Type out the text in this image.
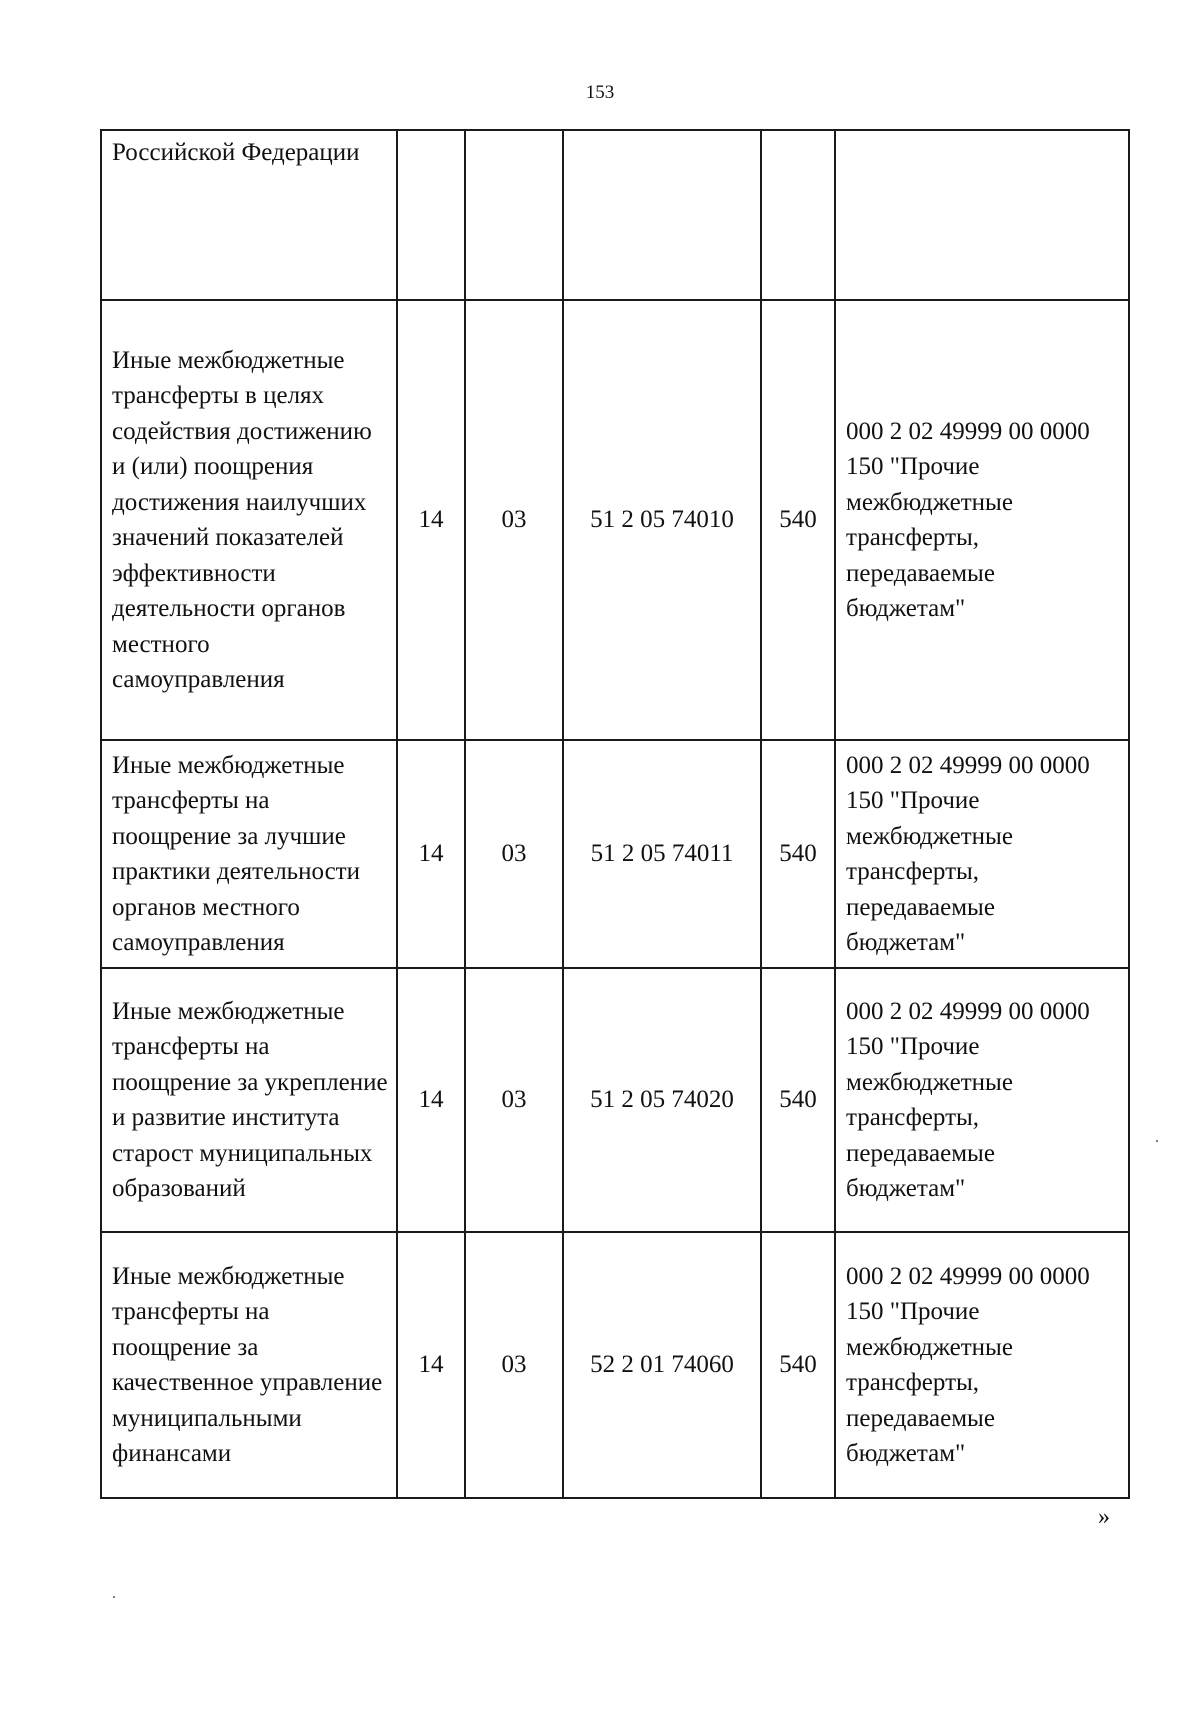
153
Российской Федерации					
Иные межбюджетные трансферты в целях содействия достижению и (или) поощрения достижения наилучших значений показателей эффективности деятельности органов местного самоуправления	14	03	51 2 05 74010	540	000 2 02 49999 00 0000 150 "Прочие межбюджетные трансферты, передаваемые бюджетам"
Иные межбюджетные трансферты на поощрение за лучшие практики деятельности органов местного самоуправления	14	03	51 2 05 74011	540	000 2 02 49999 00 0000 150 "Прочие межбюджетные трансферты, передаваемые бюджетам"
Иные межбюджетные трансферты на поощрение за укрепление и развитие института старост муниципальных образований	14	03	51 2 05 74020	540	000 2 02 49999 00 0000 150 "Прочие межбюджетные трансферты, передаваемые бюджетам"
Иные межбюджетные трансферты на поощрение за качественное управление муниципальными финансами	14	03	52 2 01 74060	540	000 2 02 49999 00 0000 150 "Прочие межбюджетные трансферты, передаваемые бюджетам"
»
